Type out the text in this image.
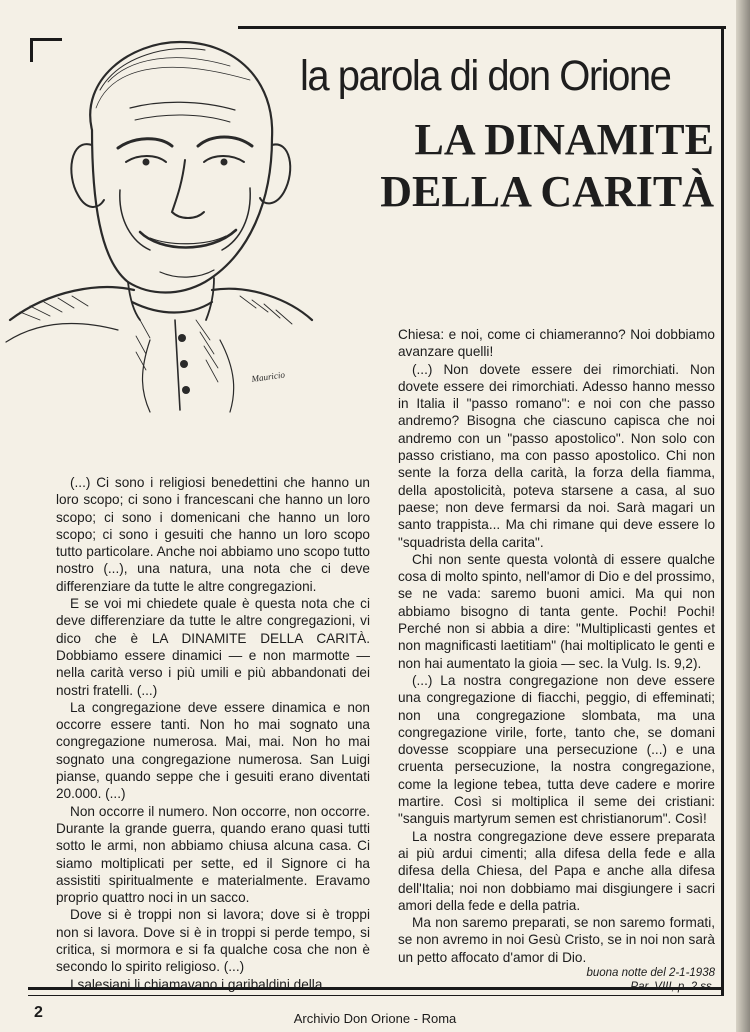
Mauricio
la parola di don Orione
LA DINAMITE
DELLA CARITÀ

(...) Ci sono i religiosi benedettini che hanno un loro scopo; ci sono i francescani che hanno un loro scopo; ci sono i domenicani che hanno un loro scopo; ci sono i gesuiti che hanno un loro scopo tutto particolare. Anche noi abbiamo uno scopo tutto nostro (...), una natura, una nota che ci deve differenziare da tutte le altre congregazioni.

E se voi mi chiedete quale è questa nota che ci deve differenziare da tutte le altre congregazioni, vi dico che è LA DINAMITE DELLA CARITÀ. Dobbiamo essere dinamici — e non marmotte — nella carità verso i più umili e più abbandonati dei nostri fratelli. (...)

La congregazione deve essere dinamica e non occorre essere tanti. Non ho mai sognato una congregazione numerosa. Mai, mai. Non ho mai sognato una congregazione numerosa. San Luigi pianse, quando seppe che i gesuiti erano diventati 20.000. (...)

Non occorre il numero. Non occorre, non occorre. Durante la grande guerra, quando erano quasi tutti sotto le armi, non abbiamo chiusa alcuna casa. Ci siamo moltiplicati per sette, ed il Signore ci ha assistiti spiritualmente e materialmente. Eravamo proprio quattro noci in un sacco.

Dove si è troppi non si lavora; dove si è troppi non si lavora. Dove si è in troppi si perde tempo, si critica, si mormora e si fa qualche cosa che non è secondo lo spirito religioso. (...)

I salesiani li chiamavano i garibaldini della

Chiesa: e noi, come ci chiameranno? Noi dobbiamo avanzare quelli!

(...) Non dovete essere dei rimorchiati. Non dovete essere dei rimorchiati. Adesso hanno messo in Italia il "passo romano": e noi con che passo andremo? Bisogna che ciascuno capisca che noi andremo con un "passo apostolico". Non solo con passo cristiano, ma con passo apostolico. Chi non sente la forza della carità, la forza della fiamma, della apostolicità, poteva starsene a casa, al suo paese; non deve fermarsi da noi. Sarà magari un santo trappista... Ma chi rimane qui deve essere lo "squadrista della carita".

Chi non sente questa volontà di essere qualche cosa di molto spinto, nell'amor di Dio e del prossimo, se ne vada: saremo buoni amici. Ma qui non abbiamo bisogno di tanta gente. Pochi! Pochi! Perché non si abbia a dire: "Multiplicasti gentes et non magnificasti laetitiam" (hai moltiplicato le genti e non hai aumentato la gioia — sec. la Vulg. Is. 9,2).

(...) La nostra congregazione non deve essere una congregazione di fiacchi, peggio, di effeminati; non una congregazione slombata, ma una congregazione virile, forte, tanto che, se domani dovesse scoppiare una persecuzione (...) e una cruenta persecuzione, la nostra congregazione, come la legione tebea, tutta deve cadere e morire martire. Così si moltiplica il seme dei cristiani: "sanguis martyrum semen est christianorum". Così!

La nostra congregazione deve essere preparata ai più ardui cimenti; alla difesa della fede e alla difesa della Chiesa, del Papa e anche alla difesa dell'Italia; noi non dobbiamo mai disgiungere i sacri amori della fede e della patria.

Ma non saremo preparati, se non saremo formati, se non avremo in noi Gesù Cristo, se in noi non sarà un petto affocato d'amor di Dio.

buona notte del 2-1-1938
Par. VIII, p. 2 ss.
2	Archivio Don Orione - Roma
